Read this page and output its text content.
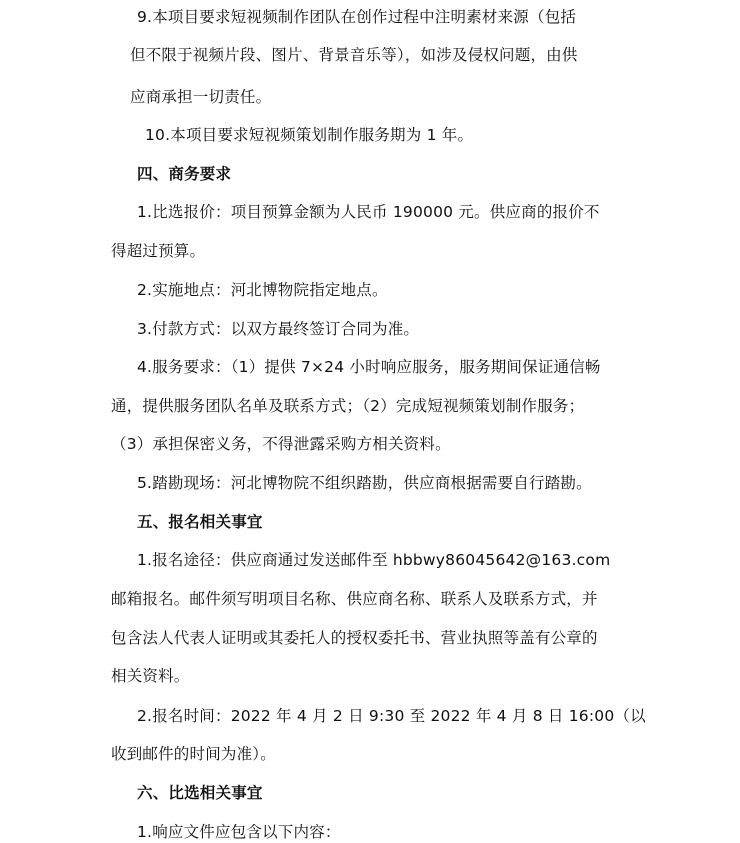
9.本项目要求短视频制作团队在创作过程中注明素材来源（包括
但不限于视频片段、图片、背景音乐等），如涉及侵权问题，由供
应商承担一切责任。
10.本项目要求短视频策划制作服务期为 1 年。
四、商务要求
1.比选报价：项目预算金额为人民币 190000 元。供应商的报价不
得超过预算。
2.实施地点：河北博物院指定地点。
3.付款方式：以双方最终签订合同为准。
4.服务要求：（1）提供 7×24 小时响应服务，服务期间保证通信畅
通，提供服务团队名单及联系方式；（2）完成短视频策划制作服务；
（3）承担保密义务，不得泄露采购方相关资料。
5.踏勘现场：河北博物院不组织踏勘，供应商根据需要自行踏勘。
五、报名相关事宜
1.报名途径：供应商通过发送邮件至 hbbwy86045642@163.com
邮箱报名。邮件须写明项目名称、供应商名称、联系人及联系方式，并
包含法人代表人证明或其委托人的授权委托书、营业执照等盖有公章的
相关资料。
2.报名时间：2022 年 4 月 2 日 9:30 至 2022 年 4 月 8 日 16:00（以
收到邮件的时间为准）。
六、比选相关事宜
1.响应文件应包含以下内容：
